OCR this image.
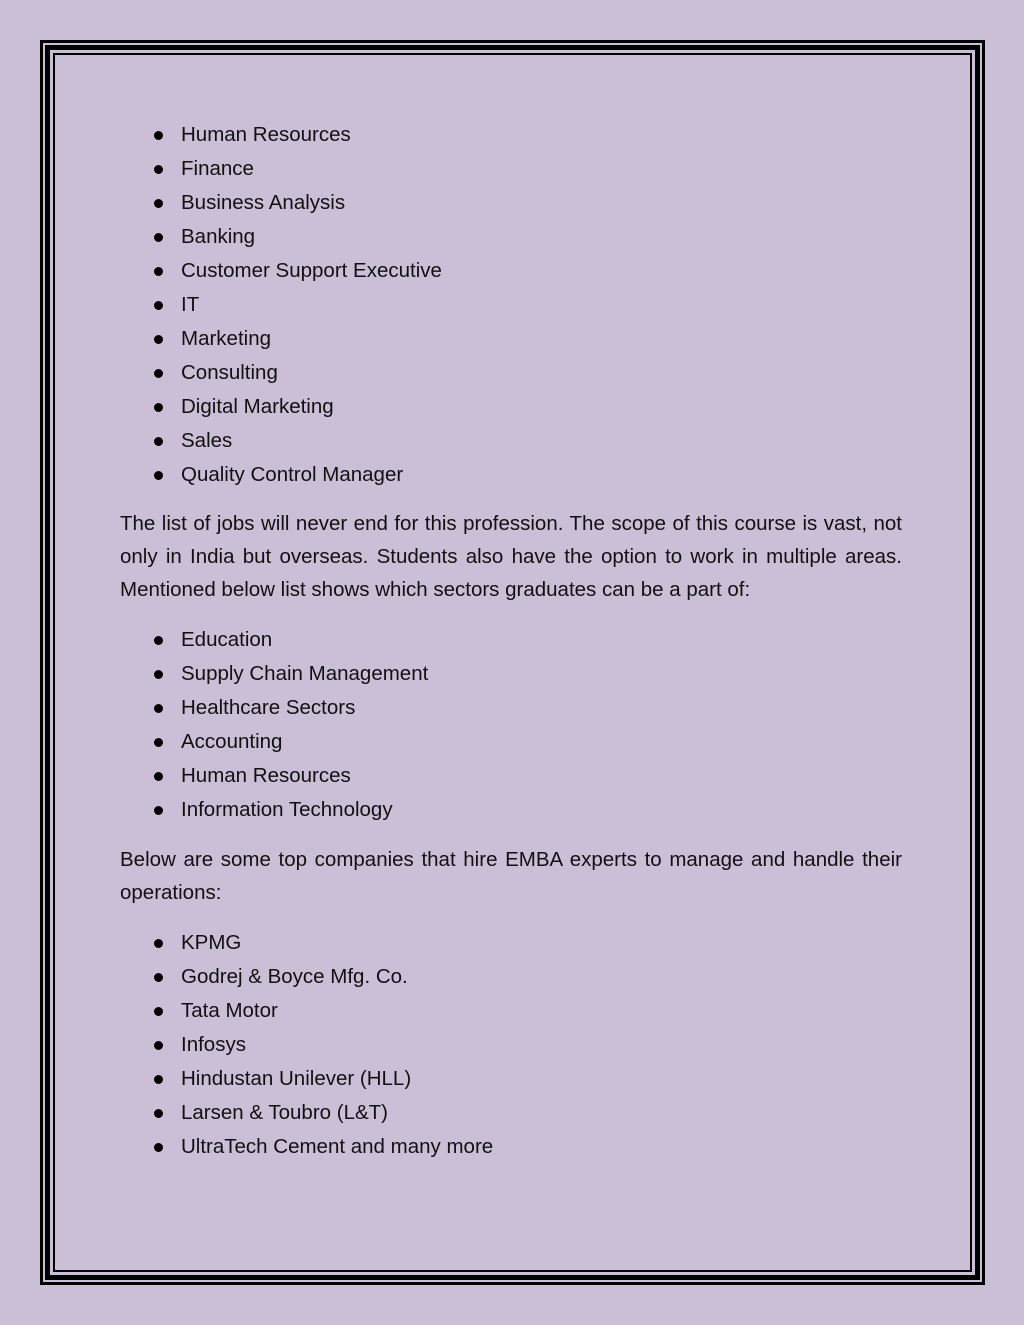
Human Resources
Finance
Business Analysis
Banking
Customer Support Executive
IT
Marketing
Consulting
Digital Marketing
Sales
Quality Control Manager

The list of jobs will never end for this profession. The scope of this course is vast, not only in India but overseas. Students also have the option to work in multiple areas. Mentioned below list shows which sectors graduates can be a part of:

Education
Supply Chain Management
Healthcare Sectors
Accounting
Human Resources
Information Technology

Below are some top companies that hire EMBA experts to manage and handle their operations:

KPMG
Godrej & Boyce Mfg. Co.
Tata Motor
Infosys
Hindustan Unilever (HLL)
Larsen & Toubro (L&T)
UltraTech Cement and many more
